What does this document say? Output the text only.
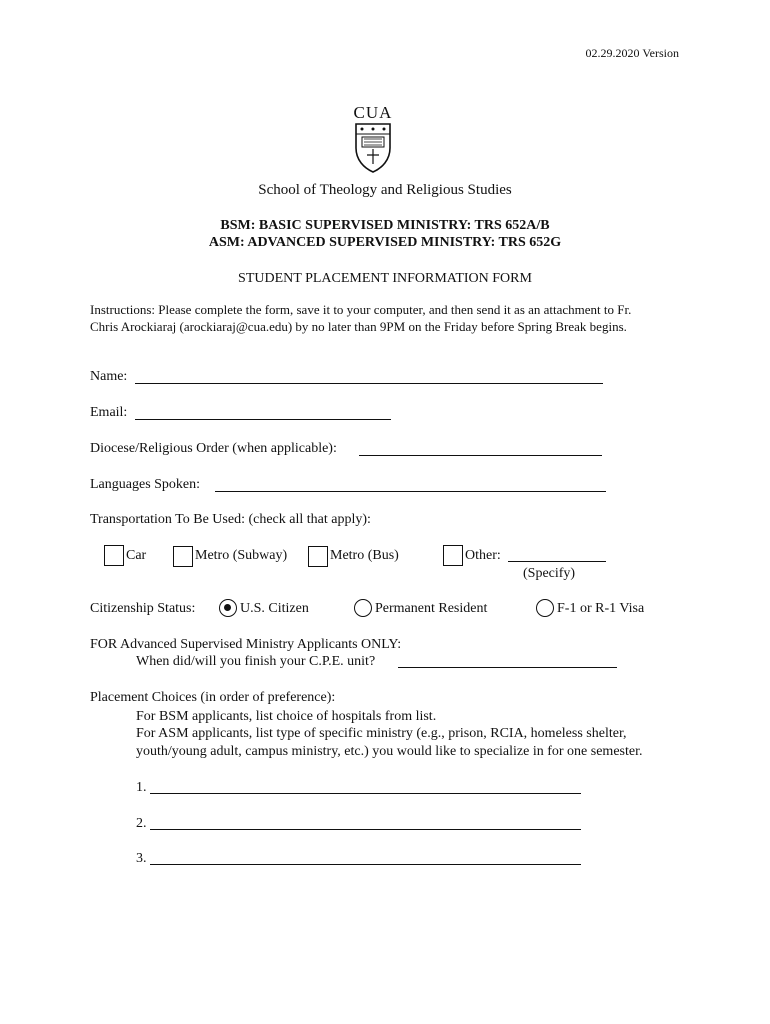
02.29.2020 Version
CUA
School of Theology and Religious Studies
BSM: BASIC SUPERVISED MINISTRY: TRS 652A/B
ASM: ADVANCED SUPERVISED MINISTRY: TRS 652G
STUDENT PLACEMENT INFORMATION FORM
Instructions: Please complete the form, save it to your computer, and then send it as an attachment to Fr.
Chris Arockiaraj (arockiaraj@cua.edu) by no later than 9PM on the Friday before Spring Break begins.
Name:
Email:
Diocese/Religious Order (when applicable):
Languages Spoken:
Transportation To Be Used: (check all that apply):
Car	Metro (Subway)	Metro (Bus)	Other:
(Specify)
Citizenship Status:	U.S. Citizen	Permanent Resident	F-1 or R-1 Visa
FOR Advanced Supervised Ministry Applicants ONLY:
When did/will you finish your C.P.E. unit?
Placement Choices (in order of preference):
For BSM applicants, list choice of hospitals from list.
For ASM applicants, list type of specific ministry (e.g., prison, RCIA, homeless shelter,
youth/young adult, campus ministry, etc.) you would like to specialize in for one semester.
1.
2.
3.
